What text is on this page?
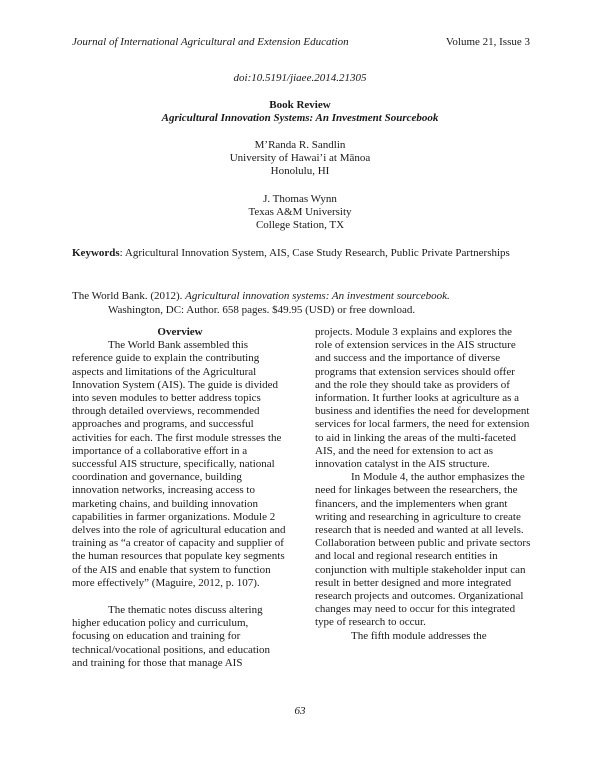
Journal of International Agricultural and Extension Education	Volume 21, Issue 3
doi:10.5191/jiaee.2014.21305
Book Review
Agricultural Innovation Systems: An Investment Sourcebook
M’Randa R. Sandlin
University of Hawai’i at Mānoa
Honolulu, HI
J. Thomas Wynn
Texas A&M University
College Station, TX
Keywords: Agricultural Innovation System, AIS, Case Study Research, Public Private Partnerships
The World Bank. (2012). Agricultural innovation systems: An investment sourcebook.
Washington, DC: Author. 658 pages. $49.95 (USD) or free download.

Overview

The World Bank assembled this reference guide to explain the contributing aspects and limitations of the Agricultural Innovation System (AIS). The guide is divided into seven modules to better address topics through detailed overviews, recommended approaches and programs, and successful activities for each. The first module stresses the importance of a collaborative effort in a successful AIS structure, specifically, national coordination and governance, building innovation networks, increasing access to marketing chains, and building innovation capabilities in farmer organizations. Module 2 delves into the role of agricultural education and training as “a creator of capacity and supplier of the human resources that populate key segments of the AIS and enable that system to function more effectively” (Maguire, 2012, p. 107).

The thematic notes discuss altering higher education policy and curriculum, focusing on education and training for technical/vocational positions, and education and training for those that manage AIS

projects. Module 3 explains and explores the role of extension services in the AIS structure and success and the importance of diverse programs that extension services should offer and the role they should take as providers of information. It further looks at agriculture as a business and identifies the need for development services for local farmers, the need for extension to aid in linking the areas of the multi-faceted AIS, and the need for extension to act as innovation catalyst in the AIS structure.

In Module 4, the author emphasizes the need for linkages between the researchers, the financers, and the implementers when grant writing and researching in agriculture to create research that is needed and wanted at all levels. Collaboration between public and private sectors and local and regional research entities in conjunction with multiple stakeholder input can result in better designed and more integrated research projects and outcomes. Organizational changes may need to occur for this integrated type of research to occur.

The fifth module addresses the

63
